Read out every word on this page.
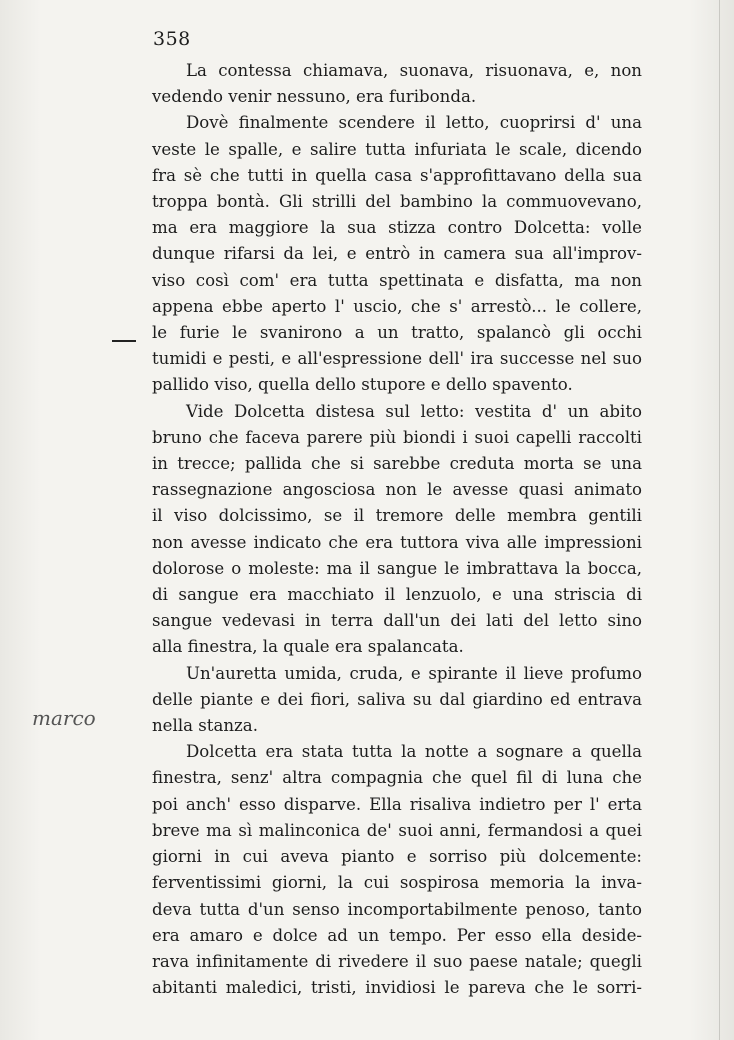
358
marco

La contessa chiamava, suonava, risuonava, e, non
vedendo venir nessuno, era furibonda.

Dovè finalmente scendere il letto, cuoprirsi d' una
veste le spalle, e salire tutta infuriata le scale, dicendo
fra sè che tutti in quella casa s'approfittavano della sua
troppa bontà. Gli strilli del bambino la commuovevano,
ma era maggiore la sua stizza contro Dolcetta: volle
dunque rifarsi da lei, e entrò in camera sua all'improv-
viso così com' era tutta spettinata e disfatta, ma non
appena ebbe aperto l' uscio, che s' arrestò... le collere,
le furie le svanirono a un tratto, spalancò gli occhi
tumidi e pesti, e all'espressione dell' ira successe nel suo
pallido viso, quella dello stupore e dello spavento.

Vide Dolcetta distesa sul letto: vestita d' un abito
bruno che faceva parere più biondi i suoi capelli raccolti
in trecce; pallida che si sarebbe creduta morta se una
rassegnazione angosciosa non le avesse quasi animato
il viso dolcissimo, se il tremore delle membra gentili
non avesse indicato che era tuttora viva alle impressioni
dolorose o moleste: ma il sangue le imbrattava la bocca,
di sangue era macchiato il lenzuolo, e una striscia di
sangue vedevasi in terra dall'un dei lati del letto sino
alla finestra, la quale era spalancata.

Un'auretta umida, cruda, e spirante il lieve profumo
delle piante e dei fiori, saliva su dal giardino ed entrava
nella stanza.

Dolcetta era stata tutta la notte a sognare a quella
finestra, senz' altra compagnia che quel fil di luna che
poi anch' esso disparve. Ella risaliva indietro per l' erta
breve ma sì malinconica de' suoi anni, fermandosi a quei
giorni in cui aveva pianto e sorriso più dolcemente:
ferventissimi giorni, la cui sospirosa memoria la inva-
deva tutta d'un senso incomportabilmente penoso, tanto
era amaro e dolce ad un tempo. Per esso ella deside-
rava infinitamente di rivedere il suo paese natale; quegli
abitanti maledici, tristi, invidiosi le pareva che le sorri-
